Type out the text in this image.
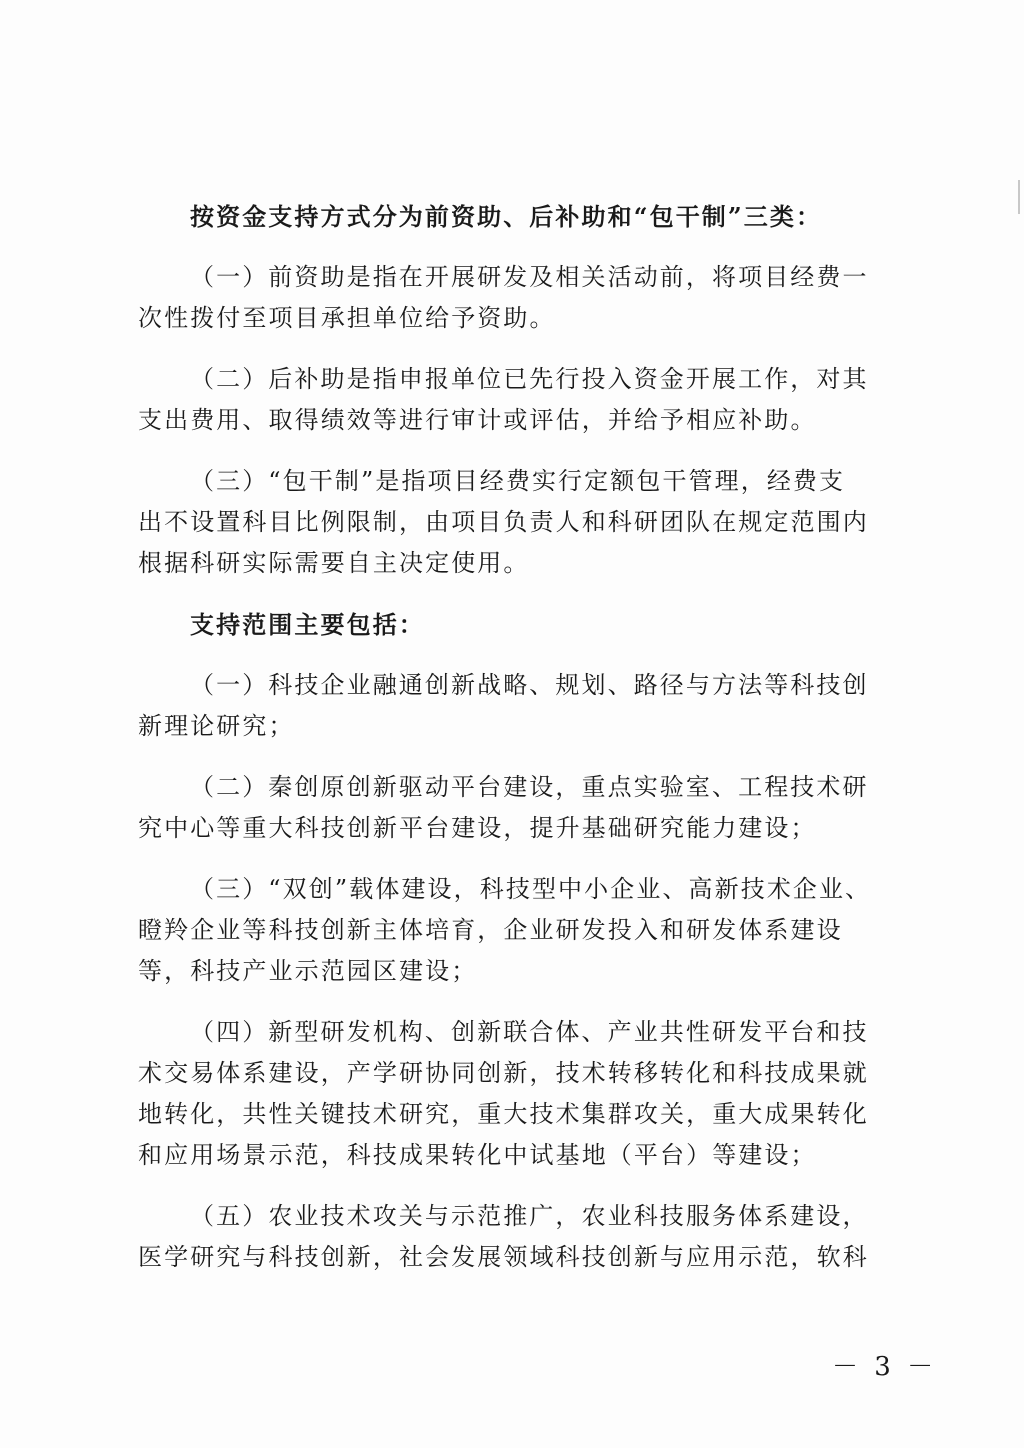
按资金支持方式分为前资助、后补助和“包干制”三类：
（一）前资助是指在开展研发及相关活动前，将项目经费一
次性拨付至项目承担单位给予资助。
（二）后补助是指申报单位已先行投入资金开展工作，对其
支出费用、取得绩效等进行审计或评估，并给予相应补助。
（三）“包干制”是指项目经费实行定额包干管理，经费支
出不设置科目比例限制，由项目负责人和科研团队在规定范围内
根据科研实际需要自主决定使用。
支持范围主要包括：
（一）科技企业融通创新战略、规划、路径与方法等科技创
新理论研究；
（二）秦创原创新驱动平台建设，重点实验室、工程技术研
究中心等重大科技创新平台建设，提升基础研究能力建设；
（三）“双创”载体建设，科技型中小企业、高新技术企业、
瞪羚企业等科技创新主体培育，企业研发投入和研发体系建设
等，科技产业示范园区建设；
（四）新型研发机构、创新联合体、产业共性研发平台和技
术交易体系建设，产学研协同创新，技术转移转化和科技成果就
地转化，共性关键技术研究，重大技术集群攻关，重大成果转化
和应用场景示范，科技成果转化中试基地（平台）等建设；
（五）农业技术攻关与示范推广，农业科技服务体系建设，
医学研究与科技创新，社会发展领域科技创新与应用示范，软科
－ 3 －
